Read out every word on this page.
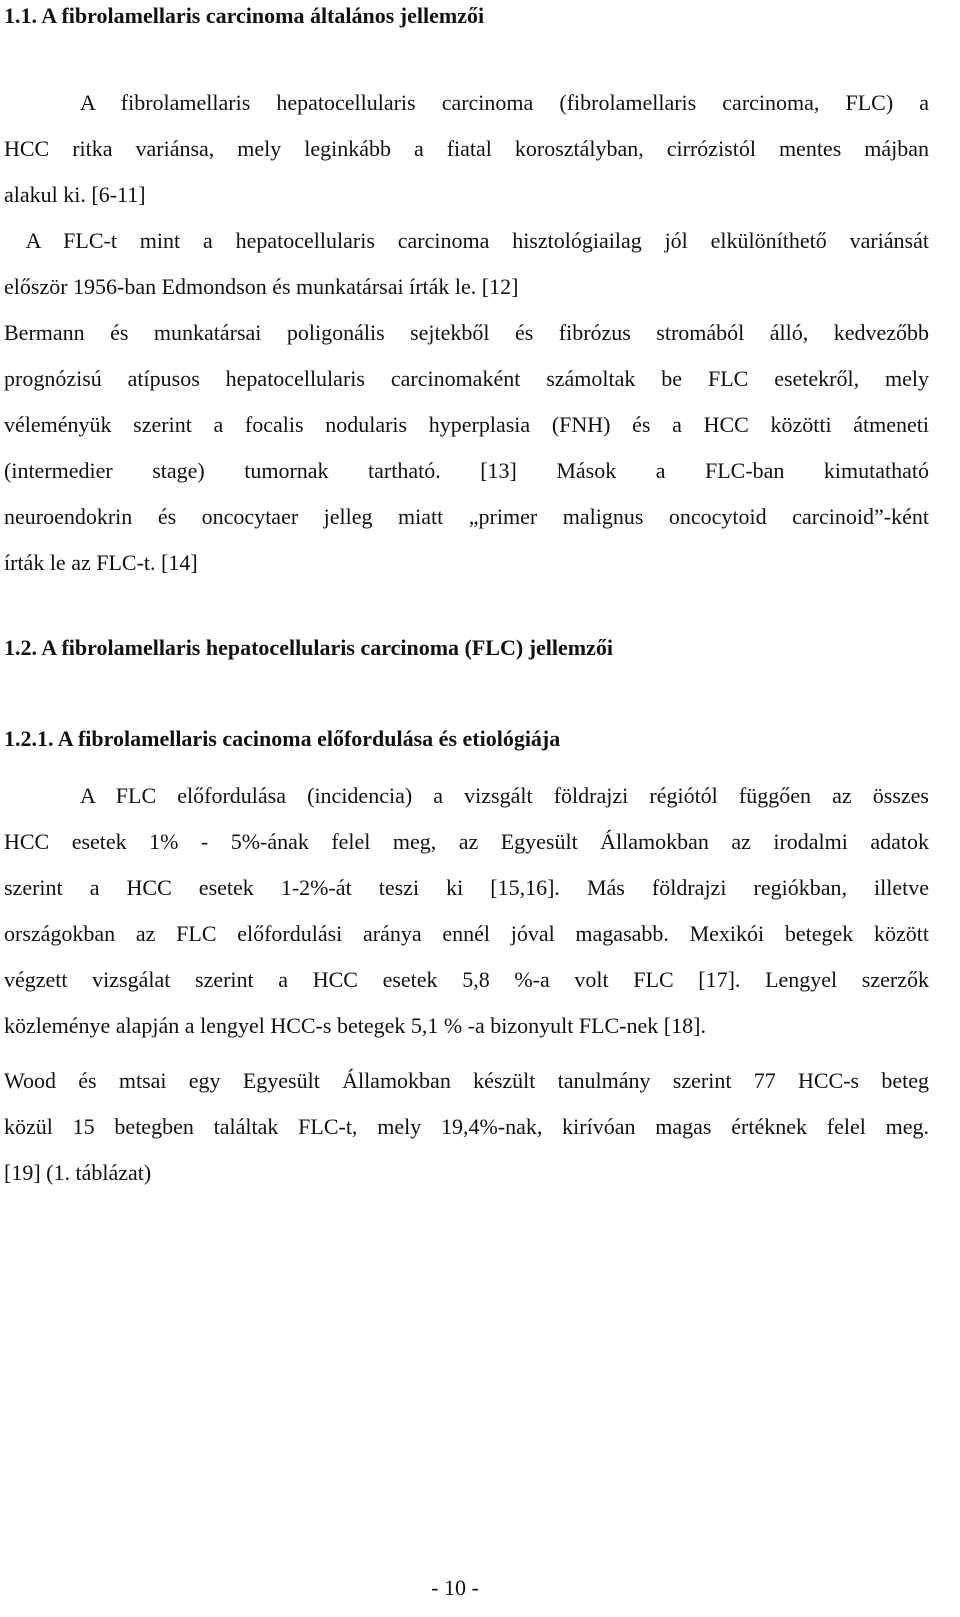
1.1. A fibrolamellaris carcinoma általános jellemzői

A fibrolamellaris hepatocellularis carcinoma (fibrolamellaris carcinoma, FLC) a
HCC ritka variánsa, mely leginkább a fiatal korosztályban, cirrózistól mentes májban
alakul ki. [6-11]

A FLC-t mint a hepatocellularis carcinoma hisztológiailag jól elkülöníthető variánsát
először 1956-ban Edmondson és munkatársai írták le. [12]
Bermann és munkatársai poligonális sejtekből és fibrózus stromából álló, kedvezőbb
prognózisú atípusos hepatocellularis carcinomaként számoltak be FLC esetekről, mely
véleményük szerint a focalis nodularis hyperplasia (FNH) és a HCC közötti átmeneti
(intermedier stage) tumornak tartható. [13] Mások a FLC-ban kimutatható
neuroendokrin és oncocytaer jelleg miatt „primer malignus oncocytoid carcinoid”-ként
írták le az FLC-t. [14]

1.2. A fibrolamellaris hepatocellularis carcinoma (FLC) jellemzői
1.2.1. A fibrolamellaris cacinoma előfordulása és etiológiája

A FLC előfordulása (incidencia) a vizsgált földrajzi régiótól függően az összes
HCC esetek 1% - 5%-ának felel meg, az Egyesült Államokban az irodalmi adatok
szerint a HCC esetek 1-2%-át teszi ki [15,16]. Más földrajzi regiókban, illetve
országokban az FLC előfordulási aránya ennél jóval magasabb. Mexikói betegek között
végzett vizsgálat szerint a HCC esetek 5,8 %-a volt FLC [17]. Lengyel szerzők
közleménye alapján a lengyel HCC-s betegek 5,1 % -a bizonyult FLC-nek [18].

Wood és mtsai egy Egyesült Államokban készült tanulmány szerint 77 HCC-s beteg
közül 15 betegben találtak FLC-t, mely 19,4%-nak, kirívóan magas értéknek felel meg.
[19] (1. táblázat)

- 10 -
